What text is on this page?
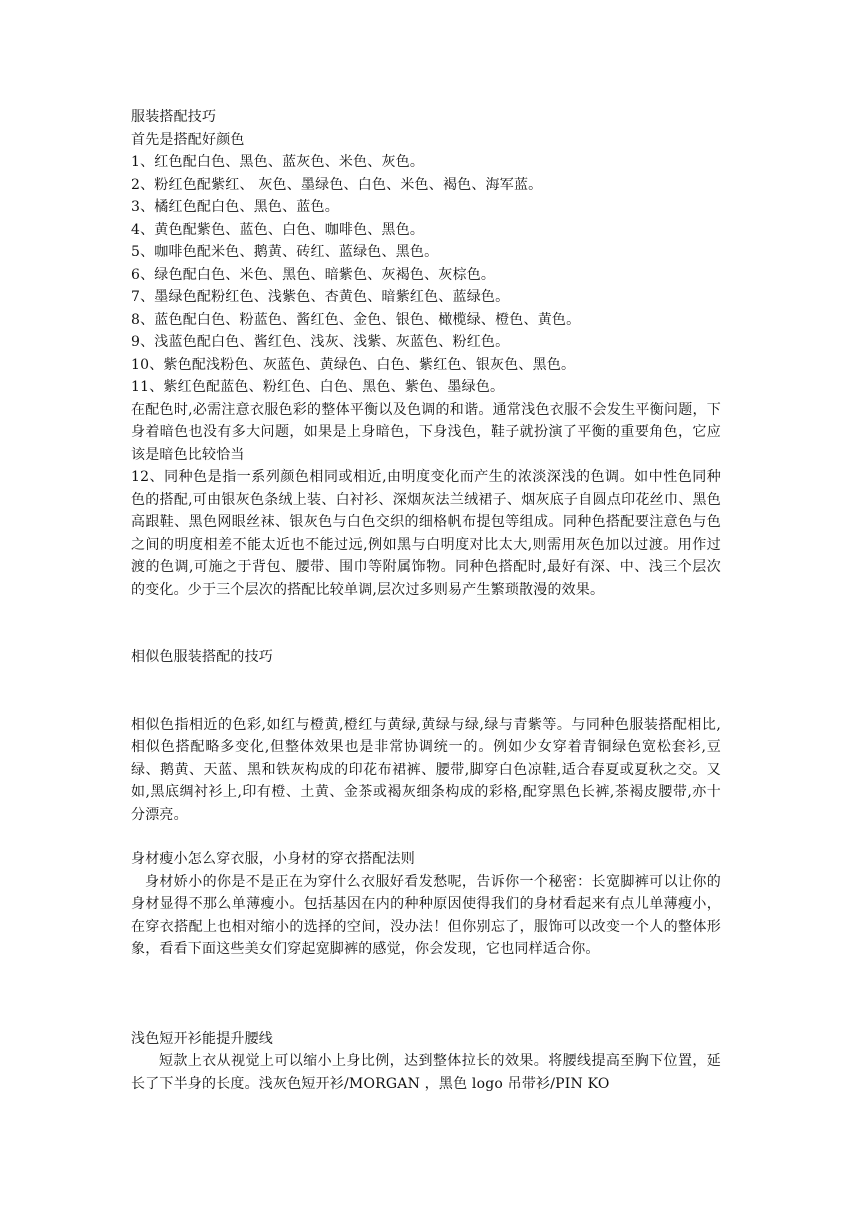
服装搭配技巧
首先是搭配好颜色
1、红色配白色、黑色、蓝灰色、米色、灰色。
2、粉红色配紫红、 灰色、墨绿色、白色、米色、褐色、海军蓝。
3、橘红色配白色、黑色、蓝色。
4、黄色配紫色、蓝色、白色、咖啡色、黑色。
5、咖啡色配米色、鹅黄、砖红、蓝绿色、黑色。
6、绿色配白色、米色、黑色、暗紫色、灰褐色、灰棕色。
7、墨绿色配粉红色、浅紫色、杏黄色、暗紫红色、蓝绿色。
8、蓝色配白色、粉蓝色、酱红色、金色、银色、橄榄绿、橙色、黄色。
9、浅蓝色配白色、酱红色、浅灰、浅紫、灰蓝色、粉红色。
10、紫色配浅粉色、灰蓝色、黄绿色、白色、紫红色、银灰色、黑色。
11、紫红色配蓝色、粉红色、白色、黑色、紫色、墨绿色。
在配色时,必需注意衣服色彩的整体平衡以及色调的和谐。通常浅色衣服不会发生平衡问题，下身着暗色也没有多大问题，如果是上身暗色，下身浅色，鞋子就扮演了平衡的重要角色，它应该是暗色比较恰当
12、同种色是指一系列颜色相同或相近,由明度变化而产生的浓淡深浅的色调。如中性色同种色的搭配,可由银灰色条绒上装、白衬衫、深烟灰法兰绒裙子、烟灰底子自圆点印花丝巾、黑色高跟鞋、黑色网眼丝袜、银灰色与白色交织的细格帆布提包等组成。同种色搭配要注意色与色之间的明度相差不能太近也不能过远,例如黑与白明度对比太大,则需用灰色加以过渡。用作过渡的色调,可施之于背包、腰带、围巾等附属饰物。同种色搭配时,最好有深、中、浅三个层次的变化。少于三个层次的搭配比较单调,层次过多则易产生繁琐散漫的效果。
相似色服装搭配的技巧
相似色指相近的色彩,如红与橙黄,橙红与黄绿,黄绿与绿,绿与青紫等。与同种色服装搭配相比,相似色搭配略多变化,但整体效果也是非常协调统一的。例如少女穿着青铜绿色宽松套衫,豆绿、鹅黄、天蓝、黑和铁灰构成的印花布裙裤、腰带,脚穿白色凉鞋,适合春夏或夏秋之交。又如,黑底绸衬衫上,印有橙、土黄、金茶或褐灰细条构成的彩格,配穿黑色长裤,茶褐皮腰带,亦十分漂亮。
身材瘦小怎么穿衣服，小身材的穿衣搭配法则
身材娇小的你是不是正在为穿什么衣服好看发愁呢，告诉你一个秘密：长宽脚裤可以让你的身材显得不那么单薄瘦小。包括基因在内的种种原因使得我们的身材看起来有点儿单薄瘦小，在穿衣搭配上也相对缩小的选择的空间，没办法！但你别忘了，服饰可以改变一个人的整体形象，看看下面这些美女们穿起宽脚裤的感觉，你会发现，它也同样适合你。
浅色短开衫能提升腰线
短款上衣从视觉上可以缩小上身比例，达到整体拉长的效果。将腰线提高至胸下位置，延长了下半身的长度。浅灰色短开衫/MORGAN ，黑色 logo 吊带衫/PIN KO
